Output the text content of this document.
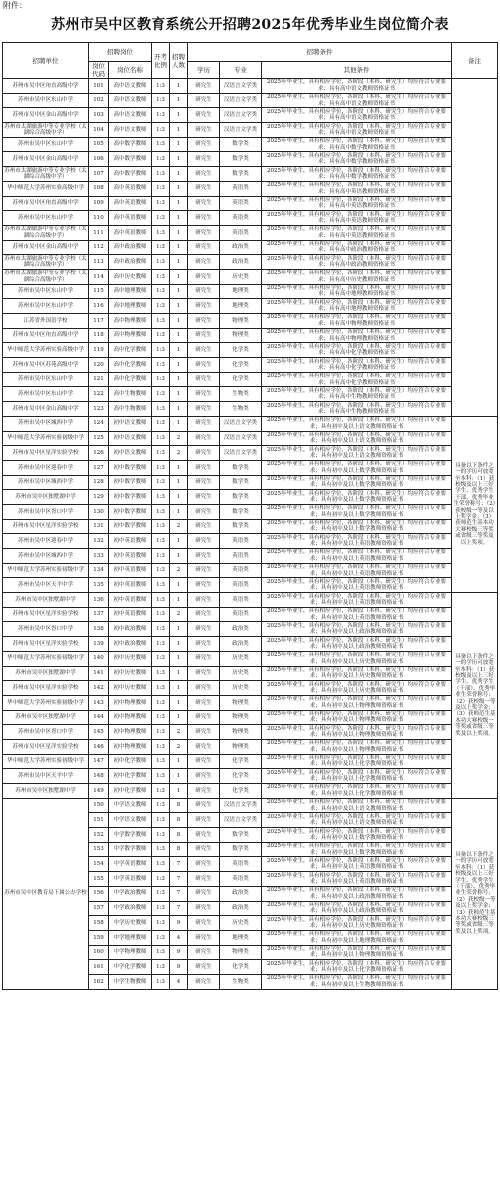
附件：
苏州市吴中区教育系统公开招聘2025年优秀毕业生岗位简介表
招聘单位	招聘岗位		开考比例	招聘人数	招聘条件			备注
	岗位代码	岗位名称			学历	专业	其他条件	
苏州市吴中区甪直高级中学	101	高中语文教师	1:3	1	研究生	汉语言文学类	2025年毕业生，具有相应学位，各阶段（本科、研究生）均应符合专业要求；具有高中语文教师资格证书	
苏州市吴中区东山中学	102	高中语文教师	1:3	1	研究生	汉语言文学类	2025年毕业生，具有相应学位，各阶段（本科、研究生）均应符合专业要求；具有高中语文教师资格证书	
苏州市吴中区金山高级中学	103	高中语文教师	1:3	1	研究生	汉语言文学类	2025年毕业生，具有相应学位，各阶段（本科、研究生）均应符合专业要求；具有高中语文教师资格证书	
苏州市太湖旅游中等专业学校（太湖综合高级中学）	104	高中语文教师	1:3	1	研究生	汉语言文学类	2025年毕业生，具有相应学位，各阶段（本科、研究生）均应符合专业要求；具有高中语文教师资格证书	
苏州市吴中区东山中学	105	高中数学教师	1:3	1	研究生	数学类	2025年毕业生，具有相应学位，各阶段（本科、研究生）均应符合专业要求；具有高中数学教师资格证书	
苏州市吴中区金山高级中学	106	高中数学教师	1:3	1	研究生	数学类	2025年毕业生，具有相应学位，各阶段（本科、研究生）均应符合专业要求；具有高中数学教师资格证书	
苏州市太湖旅游中等专业学校（太湖综合高级中学）	107	高中数学教师	1:3	1	研究生	数学类	2025年毕业生，具有相应学位，各阶段（本科、研究生）均应符合专业要求；具有高中数学教师资格证书	
华中师范大学苏州实验高级中学	108	高中英语教师	1:3	1	研究生	英语类	2025年毕业生，具有相应学位，各阶段（本科、研究生）均应符合专业要求；具有高中英语教师资格证书	
苏州市吴中区甪直高级中学	109	高中英语教师	1:3	1	研究生	英语类	2025年毕业生，具有相应学位，各阶段（本科、研究生）均应符合专业要求；具有高中英语教师资格证书	
苏州市吴中区东山中学	110	高中英语教师	1:3	1	研究生	英语类	2025年毕业生，具有相应学位，各阶段（本科、研究生）均应符合专业要求；具有高中英语教师资格证书	
苏州市太湖旅游中等专业学校（太湖综合高级中学）	111	高中英语教师	1:3	1	研究生	英语类	2025年毕业生，具有相应学位，各阶段（本科、研究生）均应符合专业要求；具有高中英语教师资格证书	
苏州市吴中区金山高级中学	112	高中政治教师	1:3	1	研究生	政治类	2025年毕业生，具有相应学位，各阶段（本科、研究生）均应符合专业要求；具有高中政治教师资格证书	
苏州市太湖旅游中等专业学校（太湖综合高级中学）	113	高中政治教师	1:3	1	研究生	政治类	2025年毕业生，具有相应学位，各阶段（本科、研究生）均应符合专业要求；具有高中政治教师资格证书	
苏州市太湖旅游中等专业学校（太湖综合高级中学）	114	高中历史教师	1:3	1	研究生	历史类	2025年毕业生，具有相应学位，各阶段（本科、研究生）均应符合专业要求；具有高中历史教师资格证书	
苏州市吴中区东山中学	115	高中地理教师	1:3	1	研究生	地理类	2025年毕业生，具有相应学位，各阶段（本科、研究生）均应符合专业要求；具有高中地理教师资格证书	
苏州市吴中区东山中学	116	高中地理教师	1:3	1	研究生	地理类	2025年毕业生，具有相应学位，各阶段（本科、研究生）均应符合专业要求；具有高中地理教师资格证书	
江苏省外国语学校	117	高中物理教师	1:3	1	研究生	物理类	2025年毕业生，具有相应学位，各阶段（本科、研究生）均应符合专业要求；具有高中物理教师资格证书	
苏州市吴中区甪直高级中学	118	高中物理教师	1:3	1	研究生	物理类	2025年毕业生，具有相应学位，各阶段（本科、研究生）均应符合专业要求；具有高中物理教师资格证书	
华中师范大学苏州实验高级中学	119	高中化学教师	1:3	1	研究生	化学类	2025年毕业生，具有相应学位，各阶段（本科、研究生）均应符合专业要求；具有高中化学教师资格证书	
苏州市吴中区苏苑高级中学	120	高中化学教师	1:3	1	研究生	化学类	2025年毕业生，具有相应学位，各阶段（本科、研究生）均应符合专业要求；具有高中化学教师资格证书	
苏州市吴中区东山中学	121	高中化学教师	1:3	1	研究生	化学类	2025年毕业生，具有相应学位，各阶段（本科、研究生）均应符合专业要求；具有高中化学教师资格证书	
苏州市吴中区东山中学	122	高中生物教师	1:3	1	研究生	生物类	2025年毕业生，具有相应学位，各阶段（本科、研究生）均应符合专业要求；具有高中生物教师资格证书	
苏州市吴中区金山高级中学	123	高中生物教师	1:3	1	研究生	生物类	2025年毕业生，具有相应学位，各阶段（本科、研究生）均应符合专业要求；具有高中生物教师资格证书	
苏州市吴中区城西中学	124	初中语文教师	1:3	1	研究生	汉语言文学类	2025年毕业生，具有相应学位，各阶段（本科、研究生）均应符合专业要求；具有初中及以上语文教师资格证书	具备以下条件之一的学历可放宽至本科：（1）获校级及以上三好学生、优秀学生干部、优秀毕业生荣誉称号；（2）获校级一等及以上奖学金；（3）获师范生基本功大赛校级三等奖或省级三等奖及以上奖项。
华中师范大学苏州实验初级中学	125	初中语文教师	1:3	2	研究生	汉语言文学类	2025年毕业生，具有相应学位，各阶段（本科、研究生）均应符合专业要求；具有初中及以上语文教师资格证书	
苏州市吴中区星洋实验学校	126	初中语文教师	1:3	2	研究生	汉语言文学类	2025年毕业生，具有相应学位，各阶段（本科、研究生）均应符合专业要求；具有初中及以上语文教师资格证书	
苏州市吴中区迎春中学	127	初中数学教师	1:3	1	研究生	数学类	2025年毕业生，具有相应学位，各阶段（本科、研究生）均应符合专业要求；具有初中及以上数学教师资格证书	
苏州市吴中区城西中学	128	初中数学教师	1:3	1	研究生	数学类	2025年毕业生，具有相应学位，各阶段（本科、研究生）均应符合专业要求；具有初中及以上数学教师资格证书	
苏州市吴中区独墅湖中学	129	初中数学教师	1:3	1	研究生	数学类	2025年毕业生，具有相应学位，各阶段（本科、研究生）均应符合专业要求；具有初中及以上数学教师资格证书	
苏州市吴中区胥口中学	130	初中数学教师	1:3	1	研究生	数学类	2025年毕业生，具有相应学位，各阶段（本科、研究生）均应符合专业要求；具有初中及以上数学教师资格证书	
苏州市吴中区星洋实验学校	131	初中数学教师	1:3	2	研究生	数学类	2025年毕业生，具有相应学位，各阶段（本科、研究生）均应符合专业要求；具有初中及以上数学教师资格证书	
苏州市吴中区迎春中学	132	初中英语教师	1:3	1	研究生	英语类	2025年毕业生，具有相应学位，各阶段（本科、研究生）均应符合专业要求；具有初中及以上英语教师资格证书	
苏州市吴中区城西中学	133	初中英语教师	1:3	1	研究生	英语类	2025年毕业生，具有相应学位，各阶段（本科、研究生）均应符合专业要求；具有初中及以上英语教师资格证书	
华中师范大学苏州实验初级中学	134	初中英语教师	1:3	2	研究生	英语类	2025年毕业生，具有相应学位，各阶段（本科、研究生）均应符合专业要求；具有初中及以上英语教师资格证书	
苏州市吴中区天平中学	135	初中英语教师	1:3	1	研究生	英语类	2025年毕业生，具有相应学位，各阶段（本科、研究生）均应符合专业要求；具有初中及以上英语教师资格证书	
苏州市吴中区独墅湖中学	136	初中英语教师	1:3	1	研究生	英语类	2025年毕业生，具有相应学位，各阶段（本科、研究生）均应符合专业要求；具有初中及以上英语教师资格证书	具备以下条件之一的学历可放宽至本科：（1）获校级及以上三好学生、优秀学生（干部）、优秀毕业生荣誉称号；（2）获校级一等及以上奖学金；（3）获师范生基本功大赛校级一等奖或省级三等奖及以上奖项。
苏州市吴中区星洋实验学校	137	初中英语教师	1:3	2	研究生	英语类	2025年毕业生，具有相应学位，各阶段（本科、研究生）均应符合专业要求；具有初中及以上英语教师资格证书	
苏州市吴中区胥口中学	138	初中政治教师	1:3	1	研究生	政治类	2025年毕业生，具有相应学位，各阶段（本科、研究生）均应符合专业要求；具有初中及以上政治教师资格证书	
苏州市吴中区星洋实验学校	139	初中政治教师	1:3	1	研究生	政治类	2025年毕业生，具有相应学位，各阶段（本科、研究生）均应符合专业要求；具有初中及以上政治教师资格证书	
华中师范大学苏州实验初级中学	140	初中历史教师	1:3	1	研究生	历史类	2025年毕业生，具有相应学位，各阶段（本科、研究生）均应符合专业要求；具有初中及以上历史教师资格证书	
苏州市吴中区独墅湖中学	141	初中历史教师	1:3	1	研究生	历史类	2025年毕业生，具有相应学位，各阶段（本科、研究生）均应符合专业要求；具有初中及以上历史教师资格证书	
苏州市吴中区星洋实验学校	142	初中历史教师	1:3	1	研究生	历史类	2025年毕业生，具有相应学位，各阶段（本科、研究生）均应符合专业要求；具有初中及以上历史教师资格证书	
华中师范大学苏州实验初级中学	143	初中物理教师	1:3	1	研究生	物理类	2025年毕业生，具有相应学位，各阶段（本科、研究生）均应符合专业要求；具有初中及以上物理教师资格证书	
苏州市吴中区独墅湖中学	144	初中物理教师	1:3	1	研究生	物理类	2025年毕业生，具有相应学位，各阶段（本科、研究生）均应符合专业要求；具有初中及以上物理教师资格证书	
苏州市吴中区胥口中学	145	初中物理教师	1:3	2	研究生	物理类	2025年毕业生，具有相应学位，各阶段（本科、研究生）均应符合专业要求；具有初中及以上物理教师资格证书	
苏州市吴中区星洋实验学校	146	初中物理教师	1:3	2	研究生	物理类	2025年毕业生，具有相应学位，各阶段（本科、研究生）均应符合专业要求；具有初中及以上物理教师资格证书	
华中师范大学苏州实验初级中学	147	初中化学教师	1:3	1	研究生	化学类	2025年毕业生，具有相应学位，各阶段（本科、研究生）均应符合专业要求；具有初中及以上化学教师资格证书	
苏州市吴中区天平中学	148	初中化学教师	1:3	1	研究生	化学类	2025年毕业生，具有相应学位，各阶段（本科、研究生）均应符合专业要求；具有初中及以上化学教师资格证书	
苏州市吴中区独墅湖中学	149	初中化学教师	1:3	1	研究生	化学类	2025年毕业生，具有相应学位，各阶段（本科、研究生）均应符合专业要求；具有初中及以上化学教师资格证书	
苏州市吴中区教育局下属公办学校	150	中学语文教师	1:3	8	研究生	汉语言文学类	2025年毕业生，具有相应学位，各阶段（本科、研究生）均应符合专业要求；具有初中及以上语文教师资格证书	具备以下条件之一的学历可放宽至本科：（1）获校级及以上三好学生、优秀学生（干部）、优秀毕业生荣誉称号；（2）获校级一等及以上奖学金；（3）获师范生基本功大赛校级三等奖或省级三等奖及以上奖项。
	151	中学语文教师	1:3	8	研究生	汉语言文学类	2025年毕业生，具有相应学位，各阶段（本科、研究生）均应符合专业要求；具有初中及以上语文教师资格证书	
	152	中学数学教师	1:3	8	研究生	数学类	2025年毕业生，具有相应学位，各阶段（本科、研究生）均应符合专业要求；具有初中及以上数学教师资格证书	
	153	中学数学教师	1:3	8	研究生	数学类	2025年毕业生，具有相应学位，各阶段（本科、研究生）均应符合专业要求；具有初中及以上数学教师资格证书	
	154	中学英语教师	1:3	7	研究生	英语类	2025年毕业生，具有相应学位，各阶段（本科、研究生）均应符合专业要求；具有初中及以上英语教师资格证书	
	155	中学英语教师	1:3	7	研究生	英语类	2025年毕业生，具有相应学位，各阶段（本科、研究生）均应符合专业要求；具有初中及以上英语教师资格证书	
	156	中学政治教师	1:3	7	研究生	政治类	2025年毕业生，具有相应学位，各阶段（本科、研究生）均应符合专业要求；具有初中及以上政治教师资格证书	
	157	中学政治教师	1:3	7	研究生	政治类	2025年毕业生，具有相应学位，各阶段（本科、研究生）均应符合专业要求；具有初中及以上政治教师资格证书	
	158	中学历史教师	1:3	9	研究生	历史类	2025年毕业生，具有相应学位，各阶段（本科、研究生）均应符合专业要求；具有初中及以上历史教师资格证书	
	159	中学地理教师	1:3	4	研究生	地理类	2025年毕业生，具有相应学位，各阶段（本科、研究生）均应符合专业要求；具有初中及以上地理教师资格证书	
	160	中学物理教师	1:3	9	研究生	物理类	2025年毕业生，具有相应学位，各阶段（本科、研究生）均应符合专业要求；具有初中及以上物理教师资格证书	
	161	中学化学教师	1:3	9	研究生	化学类	2025年毕业生，具有相应学位，各阶段（本科、研究生）均应符合专业要求；具有初中及以上化学教师资格证书	
	162	中学生物教师	1:3	4	研究生	生物类	2025年毕业生，具有相应学位，各阶段（本科、研究生）均应符合专业要求；具有初中及以上生物教师资格证书	
